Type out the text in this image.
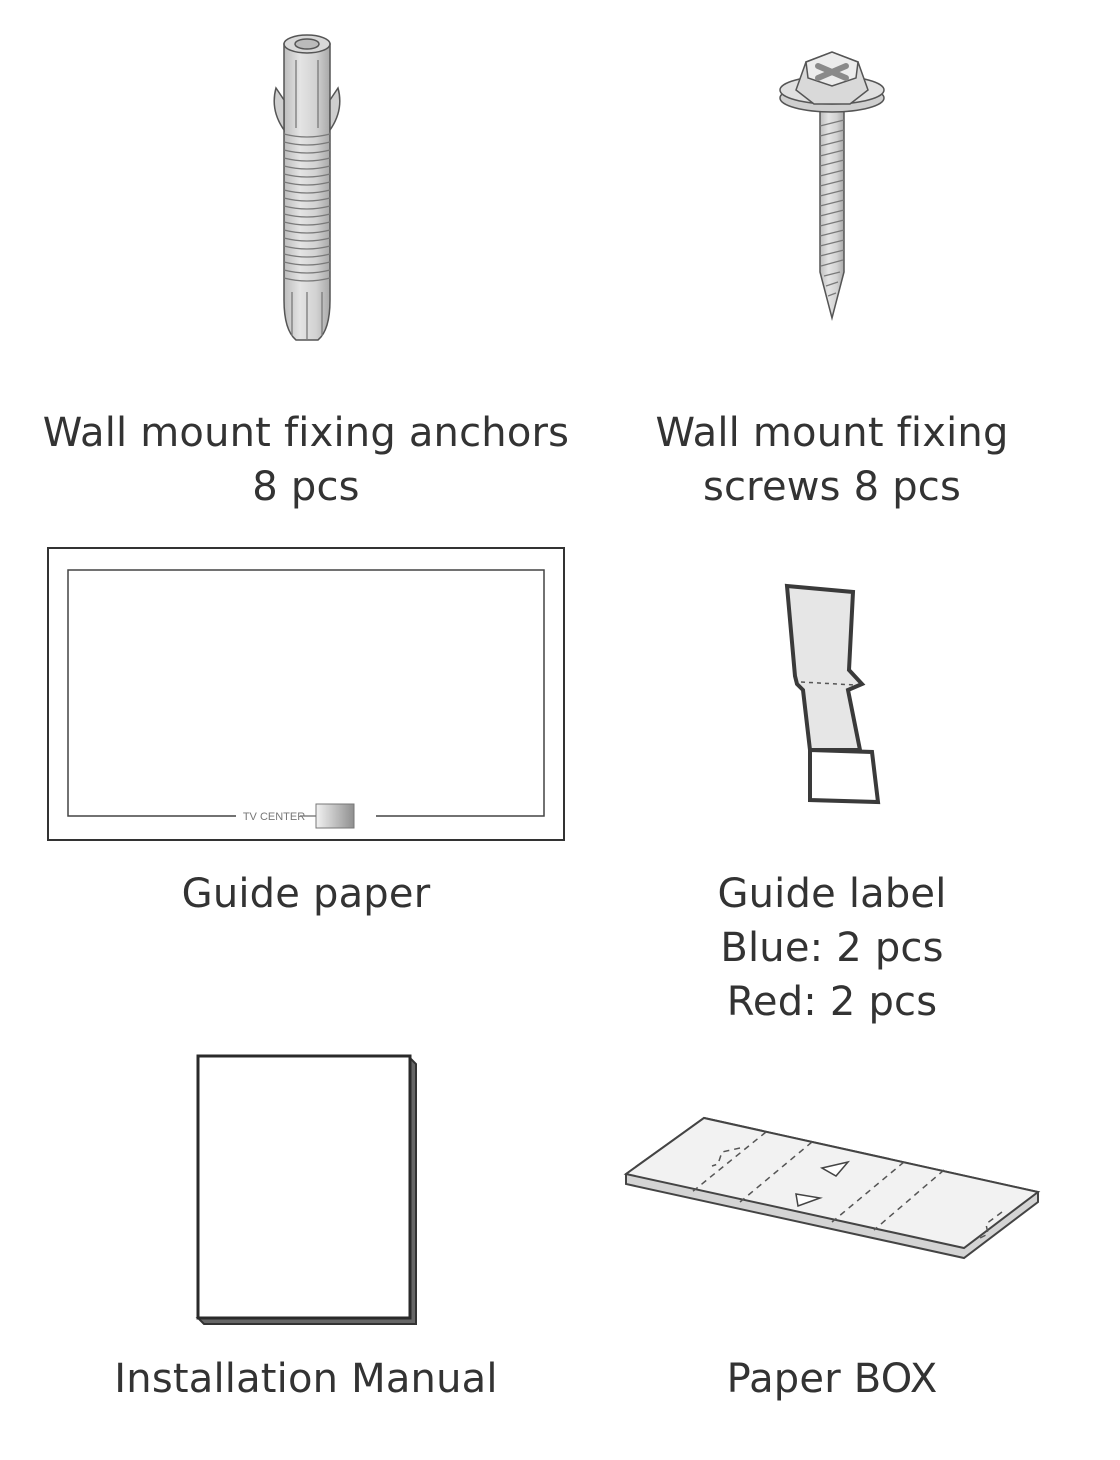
TV CENTER
Wall mount fixing anchors
8 pcs
Wall mount fixing
screws 8 pcs
Guide paper	Guide label
Blue: 2 pcs
Red: 2 pcs
Installation Manual	Paper BOX
